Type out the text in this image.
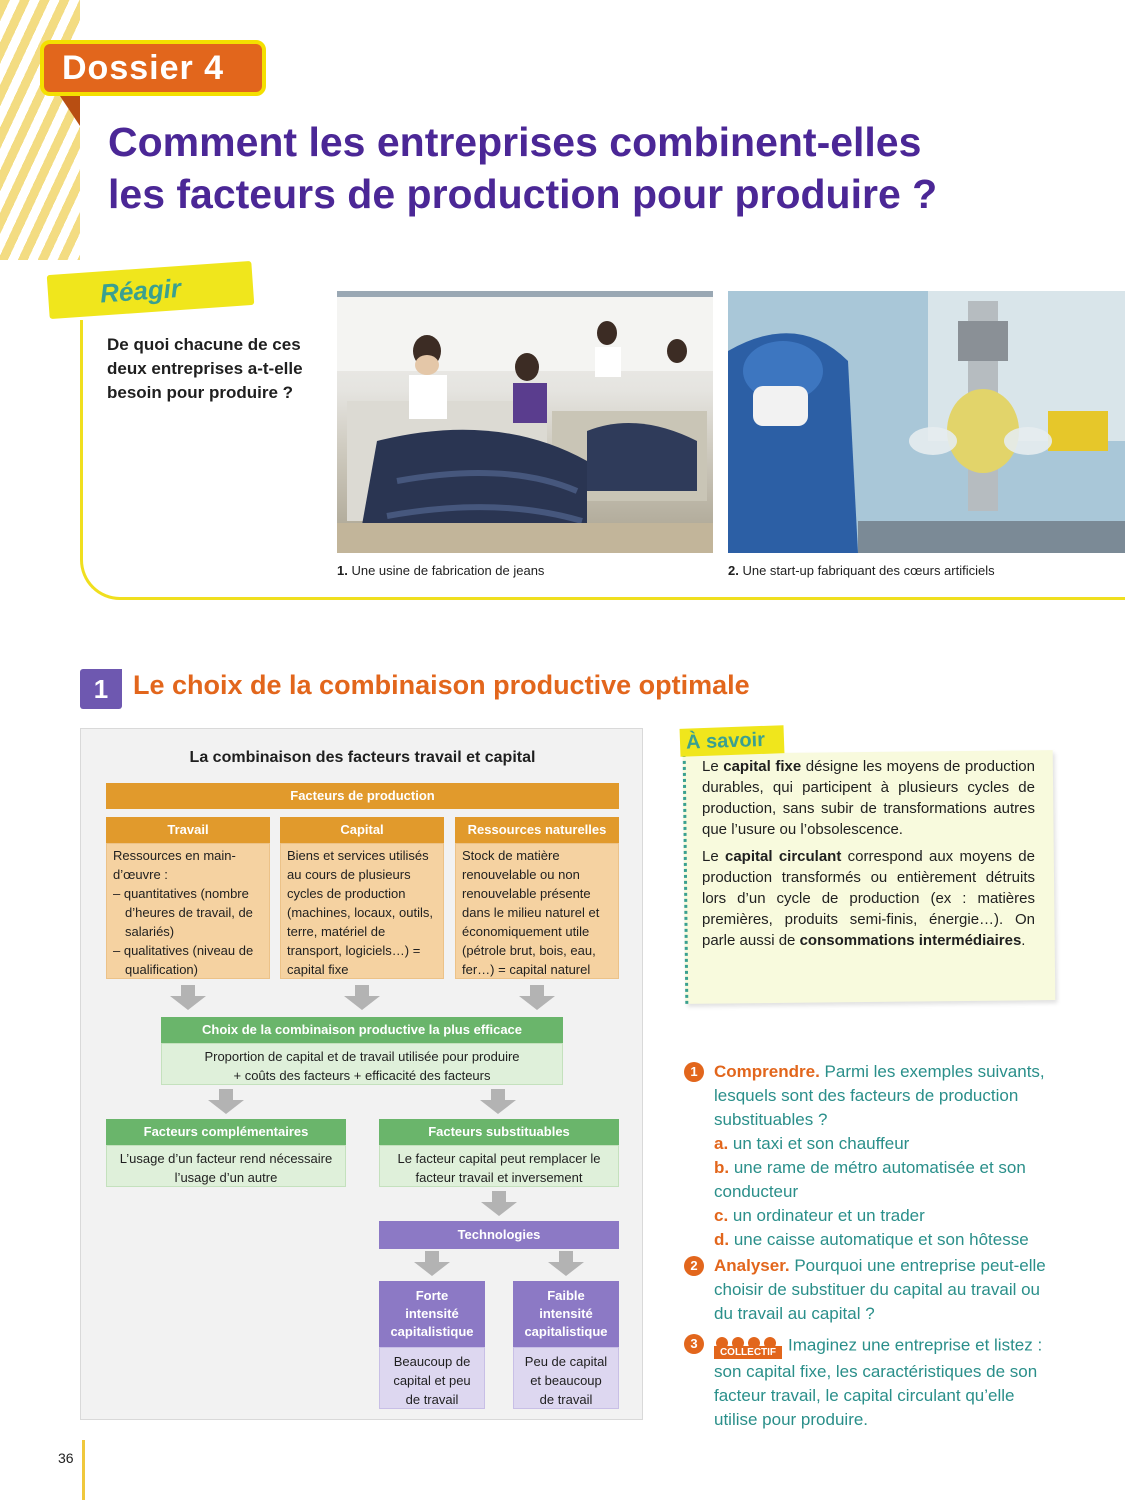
Dossier 4
Comment les entreprises combinent-elles
les facteurs de production pour produire ?
Réagir
De quoi chacune de ces deux entreprises a-t-elle besoin pour produire ?
1. Une usine de fabrication de jeans	2. Une start-up fabriquant des cœurs artificiels
1 Le choix de la combinaison productive optimale
La combinaison des facteurs travail et capital
Facteurs de production
Travail
Ressources en main-
d’œuvre :
– quantitatives (nombre d’heures de travail, de salariés)
– qualitatives (niveau de qualification)
Capital
Biens et services utilisés au cours de plusieurs cycles de production (machines, locaux, outils, terre, matériel de transport, logiciels…) = capital fixe
Ressources naturelles
Stock de matière renouvelable ou non renouvelable présente dans le milieu naturel et économiquement utile (pétrole brut, bois, eau, fer…) = capital naturel
Choix de la combinaison productive la plus efficace
Proportion de capital et de travail utilisée pour produire
+ coûts des facteurs + efficacité des facteurs
Facteurs complémentaires
L’usage d’un facteur rend nécessaire
l’usage d’un autre
Facteurs substituables
Le facteur capital peut remplacer le
facteur travail et inversement
Technologies
Forte
intensité
capitalistique
Beaucoup de
capital et peu
de travail
Faible
intensité
capitalistique
Peu de capital
et beaucoup
de travail
À savoir

Le capital fixe désigne les moyens de production durables, qui participent à plusieurs cycles de production, sans subir de transformations autres que l’usure ou l’obsolescence.

Le capital circulant correspond aux moyens de production transformés ou entièrement détruits lors d’un cycle de production (ex : matières premières, produits semi-finis, énergie…). On parle aussi de consommations intermédiaires.

1 Comprendre. Parmi les exemples suivants, lesquels sont des facteurs de production substituables ?
a. un taxi et son chauffeur
b. une rame de métro automatisée et son conducteur
c. un ordinateur et un trader
d. une caisse automatique et son hôtesse
2 Analyser. Pourquoi une entreprise peut-elle choisir de substituer du capital au travail ou du travail au capital ?
3
COLLECTIF Imaginez une entreprise et listez : son capital fixe, les caractéristiques de son facteur travail, le capital circulant qu’elle utilise pour produire.
36
